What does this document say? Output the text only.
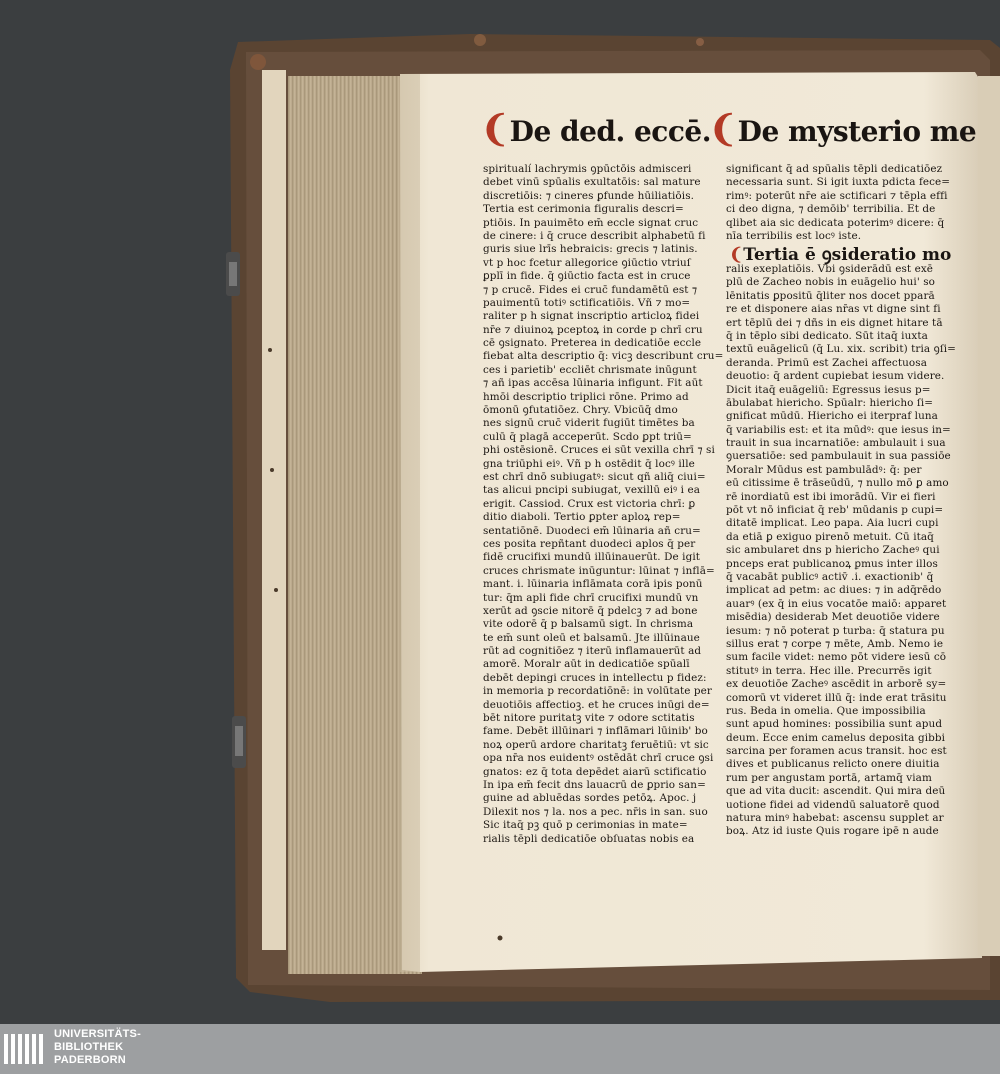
❨De ded. eccē.
❨De mysterio me
spiritualí lachrymis ꝯpūctōis admisceri
debet vinū spūalis exultatōis: sal mature
discretiōis: ⁊ cineres ꝑfunde hūiliatiōis.
Tertia est cerimonia figuralis descri=
ptiōis. In pauimēto em̄ eccle signat cruc
de cinere: i q̄ cruce describit alphabetū fi
guris siue lrīs hebraicis: grecis ⁊ latinis.
vt p hoc fcetur allegorice ꝯiūctio vtriuſ
ꝑplī in fide. q̄ ꝯiūctio facta est in cruce
⁊ p crucē. Fides ei cruc̄ fundamētū est ⁊
pauimentū totiꝰ sctificatiōis. Vñ ⁊ mo=
raliter p h̄ signat inscriptio articloꝝ fidei
nr̄e ⁊ diuinoꝝ pceptoꝝ in corde p chrī cru
cē ꝯsignato. Preterea in dedicatiōe eccle
fiebat alta descriptio q̄: vicꝫ describunt cru=
ces i parietib' eccliēt chrismate inūgunt
⁊ añ ipas accēsa lūinaria infigunt. Fit aūt
hmōi descriptio triplici rōne. Primo ad
ōmonū ꝯfutatiōez. Chry. Vbicūq̄ dmo
nes signū cruc̄ viderit fugiūt timētes ba
culū q̄ plagā acceperūt. Scdo ꝑpt triū=
phi ostēsionē. Cruces ei sūt vexilla chrī ⁊ si
gna triūphi eiꝰ. Vñ p h̄ ostēdit q̄ locꝰ ille
est chrī dnō subiugatꝰ: sicut qñ aliq̄ ciui=
tas alicui pncipi subiugat, vexillū eiꝰ i ea
erigit. Cassiod. Crux est victoria chrī: ꝑ
ditio diaboli. Tertio ꝑpter aploꝝ rep=
sentatiōnē. Duodeci em̄ lūinaria añ cru=
ces posita repñtant duodeci aplos q̄ per
fidē crucifixi mundū illūinauerūt. De igit
cruces chrismate inūguntur: lūinat ⁊ inflā=
mant. i. lūinaria inflāmata corā ipis ponū
tur: q̄m apli fide chrī crucifixi mundū vn
xerūt ad ꝯscie nitorē q̄ pdelcꝫ ⁊ ad bone
vite odorē q̄ p balsamū sigt. In chrisma
te em̄ sunt oleū et balsamū. Jte illūinaue
rūt ad cognitiōez ⁊ iterū inflamauerūt ad
amorē. Moralr aūt in dedicatiōe spūalī
debēt depingi cruces in intellectu p fidez:
in memoria p recordatiōnē: in volūtate per
deuotiōis affectioꝫ. et he cruces inūgi de=
bēt nitore puritatꝫ vite ⁊ odore sctitatis
fame. Debēt illūinari ⁊ inflāmari lūinib' bo
noꝝ operū ardore charitatꝫ feruētiū: vt sic
opa nr̄a nos euidentꝰ ostēdāt chrī cruce ꝯsi
gnatos: ez q̄ tota depēdet aiarū sctificatio
In ipa em̄ fecit dns lauacrū de ꝑprio san=
guine ad abluēdas sordes petōꝝ. Apoc. j
Dilexit nos ⁊ la. nos a pec. nr̄is in san. suo
Sic itaq̄ pꝫ quō p cerimonias in mate=
rialis tēpli dedicatiōe obſuatas nobis ea
significant q̄ ad spūalis tēpli dedicatiōez
necessaria sunt. Si igit iuxta pdicta fece=
rimꝰ: poterūt nr̄e aie sctificari ⁊ tēpla effi
ci deo digna, ⁊ demōib' terribilia. Et de
qlibet aia sic dedicata poterimꝰ dicere: q̄
nīa terribilis est locꝰ iste.
❨Tertia ē ꝯsideratio mo
ralis exeplatiōis. Vbi ꝯsiderādū est exē
plū de Zacheo nobis in euāgelio hui' so
lēnitatis ꝑpositū q̄liter nos docet pparā
re et disponere aias nr̄as vt digne sint fi
ert tēplū dei ⁊ dñs in eis dignet hitare tā
q̄ in tēplo sibi dedicato. Sūt itaq̄ iuxta
textū euāgelicū (q̄ Lu. xix. scribit) tria ꝯſi=
deranda. Primū est Zachei affectuosa
deuotio: q̄ ardent cupiebat iesum videre.
Dicit itaq̄ euāgeliū: Egressus iesus p=
ābulabat hiericho. Spūalr: hiericho ſi=
gnificat mūdū. Hiericho ei iterpraf luna
q̄ variabilis est: et ita mūdꝰ: que iesus in=
trauit in sua incarnatiōe: ambulauit i sua
ꝯuersatiōe: sed pambulauit in sua passiōe
Moralr Mūdus est pambulādꝰ: q̄: per
eū citissime ē trāseūdū, ⁊ nullo mō ꝑ amo
rē inordiatū est ibi imorādū. Vir ei fieri
pōt vt nō inficiat q̄ reb' mūdanis p cupi=
ditatē implicat. Leo papa. Aia lucri cupi
da etiā ꝑ exiguo pirenō metuit. Cū itaq̄
sic ambularet dns p hiericho Zacheꝰ qui
pnceps erat publicanoꝝ ꝑmus inter illos
q̄ vacabāt publicꝰ activ̄ .i. exactionib' q̄
implicat ad petm: ac diues: ⁊ in adq̄rēdo
auarꝰ (ex q̄ in eius vocatōe maiō: apparet
misēdia) desiderab Met deuotiōe videre
iesum: ⁊ nō poterat p turba: q̄ statura pu
sillus erat ⁊ corpe ⁊ mēte, Amb. Nemo ie
sum facile videt: nemo pōt videre iesū cō
stitutꝰ in terra. Hec ille. Precurrēs igit
ex deuotiōe Zacheꝰ ascēdit in arborē sy=
comorū vt videret illū q̄: inde erat trāsitu
rus. Beda in omelia. Que impossibilia
sunt apud homines: possibilia sunt apud
deum. Ecce enim camelus deposita gibbi
sarcina per foramen acus transit. hoc est
dives et publicanus relicto onere diuitia
rum per angustam portā, artamq̄ viam
que ad vita ducit: ascendit. Qui mira deū
uotione fidei ad videndū saluatorē quod
natura minꝰ habebat: ascensu supplet ar
boꝝ. Atz id iuste Quis rogare ipē n aude
UNIVERSITÄTS-
BIBLIOTHEK
PADERBORN
